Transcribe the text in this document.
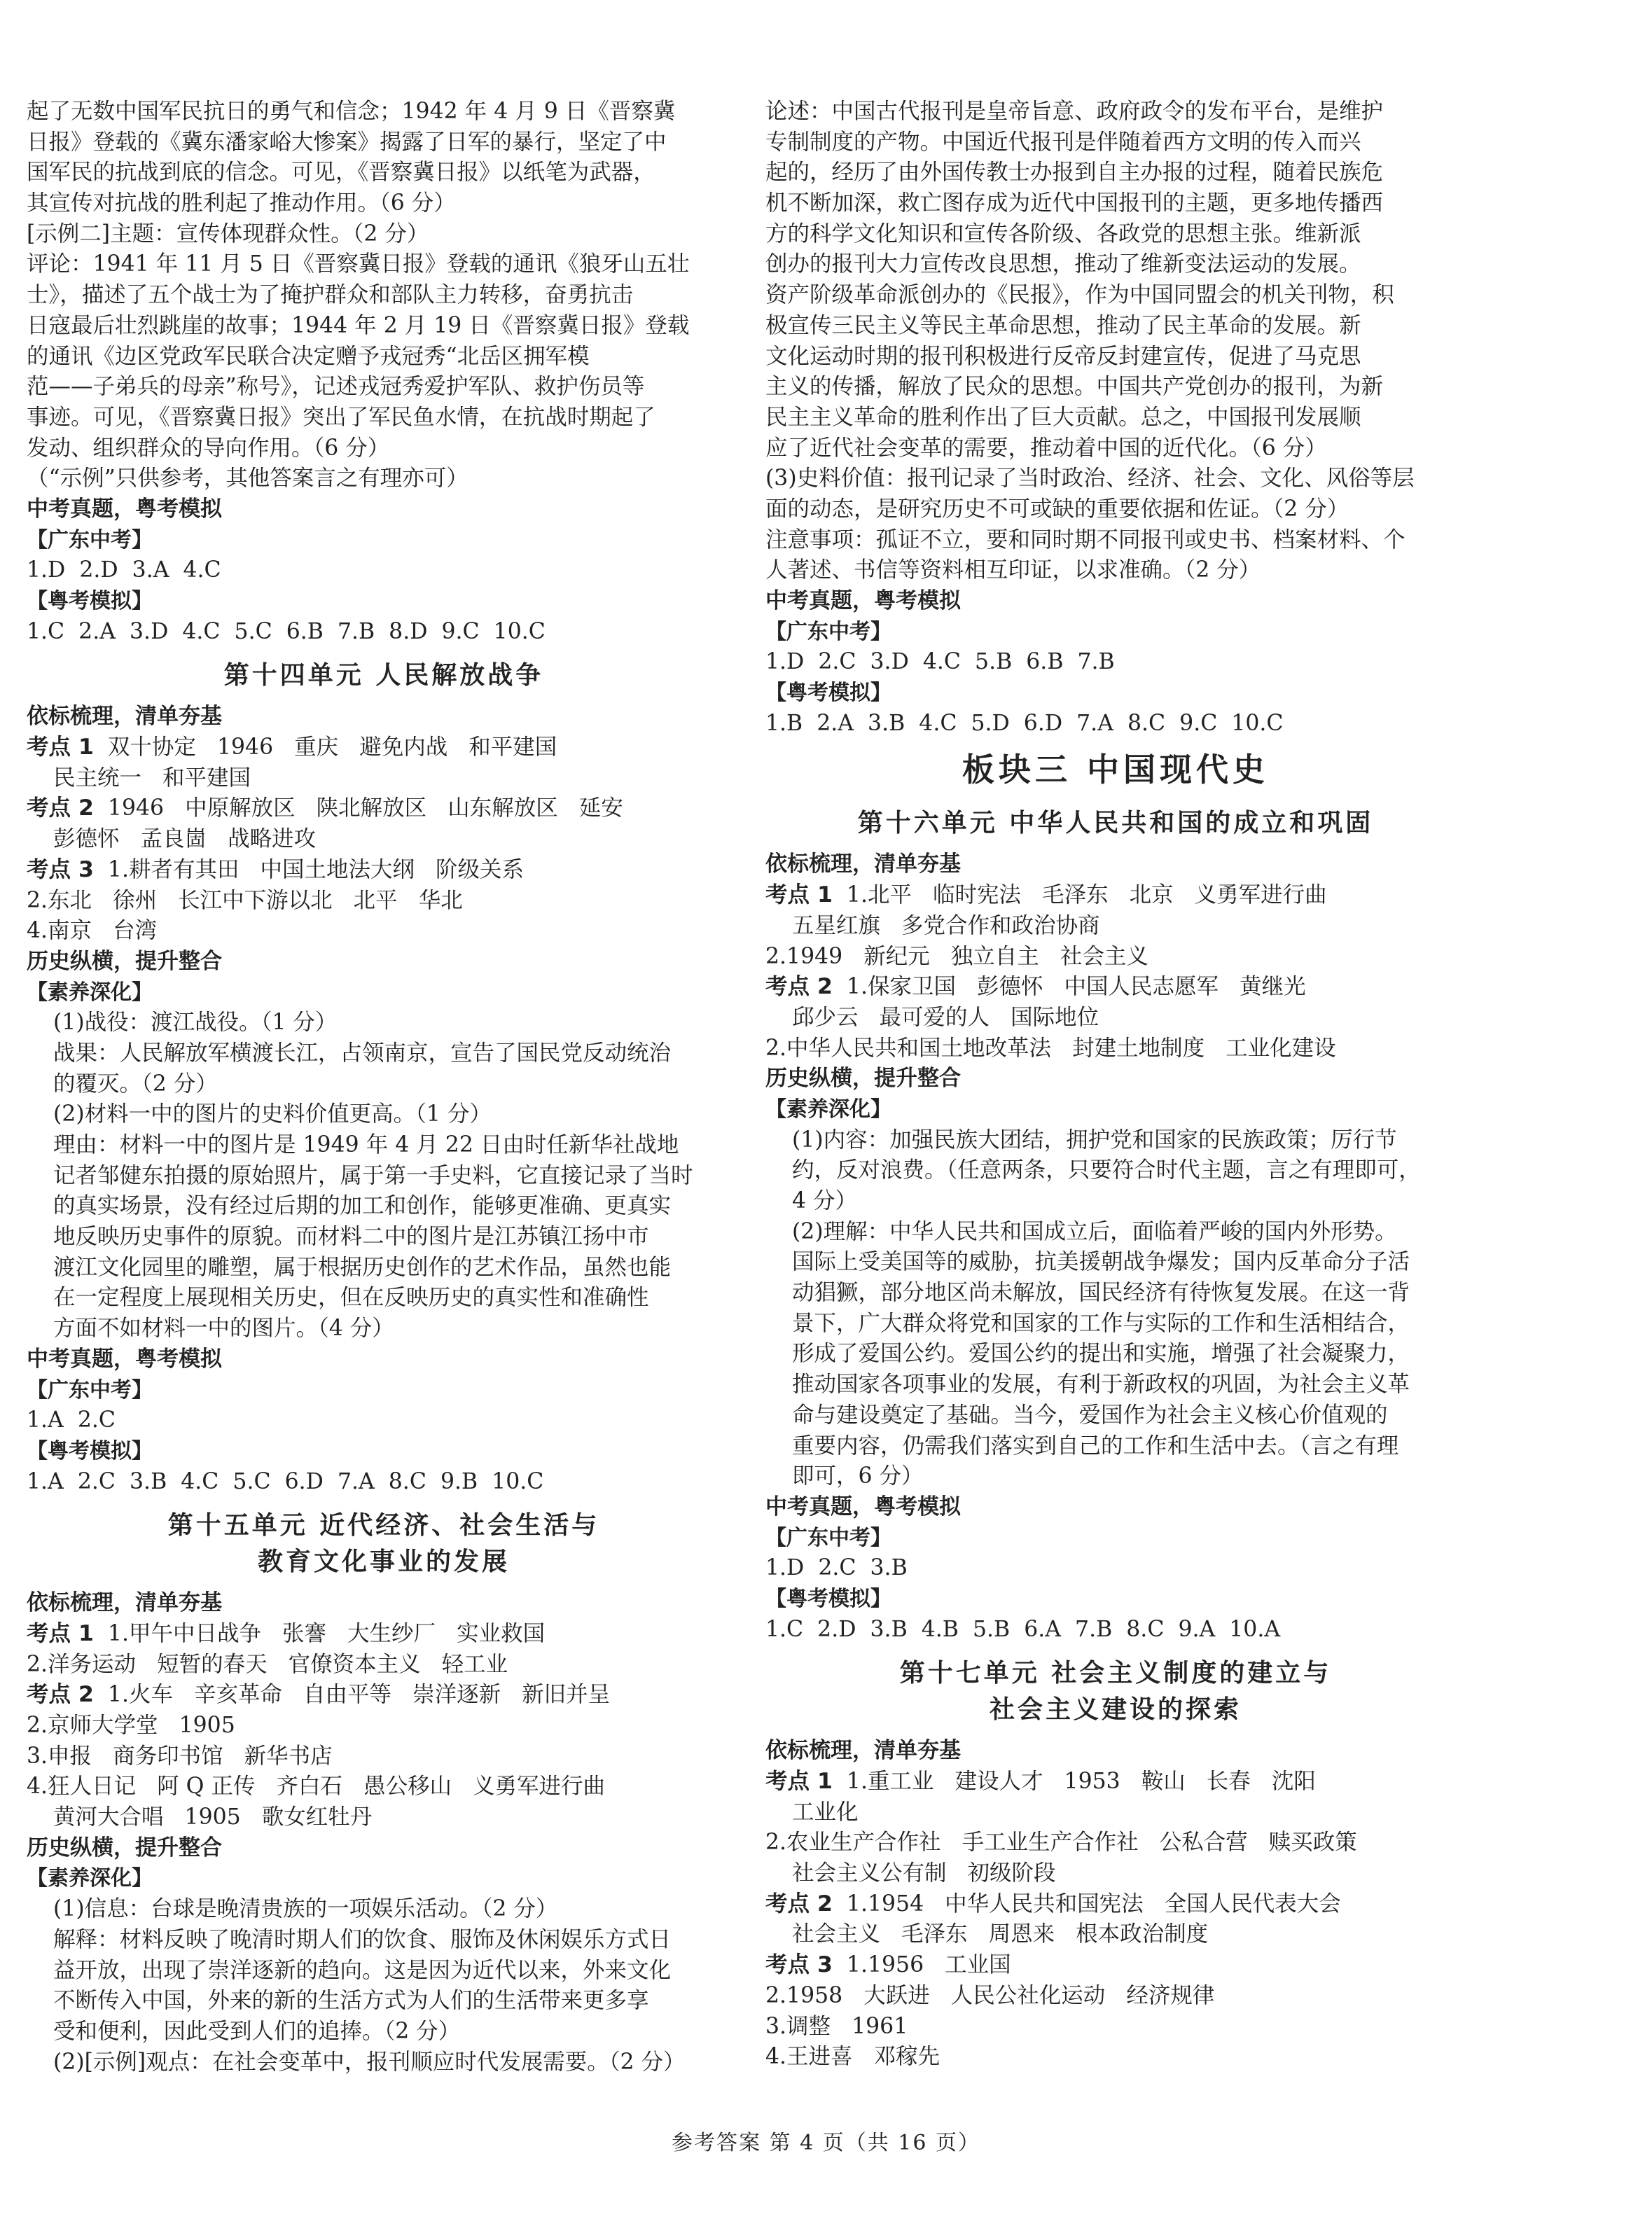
起了无数中国军民抗日的勇气和信念；1942 年 4 月 9 日《晋察冀
日报》登载的《冀东潘家峪大惨案》揭露了日军的暴行，坚定了中
国军民的抗战到底的信念。可见，《晋察冀日报》以纸笔为武器，
其宣传对抗战的胜利起了推动作用。（6 分）
[示例二]主题：宣传体现群众性。（2 分）
评论：1941 年 11 月 5 日《晋察冀日报》登载的通讯《狼牙山五壮
士》，描述了五个战士为了掩护群众和部队主力转移，奋勇抗击
日寇最后壮烈跳崖的故事；1944 年 2 月 19 日《晋察冀日报》登载
的通讯《边区党政军民联合决定赠予戎冠秀“北岳区拥军模
范——子弟兵的母亲”称号》，记述戎冠秀爱护军队、救护伤员等
事迹。可见，《晋察冀日报》突出了军民鱼水情，在抗战时期起了
发动、组织群众的导向作用。（6 分）
（“示例”只供参考，其他答案言之有理亦可）
中考真题，粤考模拟
【广东中考】
1.D  2.D  3.A  4.C
【粤考模拟】
1.C  2.A  3.D  4.C  5.C  6.B  7.B  8.D  9.C  10.C
第十四单元 人民解放战争
依标梳理，清单夯基
考点 1  双十协定   1946   重庆   避免内战   和平建国
民主统一   和平建国
考点 2  1946   中原解放区   陕北解放区   山东解放区   延安
彭德怀   孟良崮   战略进攻
考点 3  1.耕者有其田   中国土地法大纲   阶级关系
2.东北   徐州   长江中下游以北   北平   华北
4.南京   台湾
历史纵横，提升整合
【素养深化】
(1)战役：渡江战役。（1 分）
战果：人民解放军横渡长江，占领南京，宣告了国民党反动统治
的覆灭。（2 分）
(2)材料一中的图片的史料价值更高。（1 分）
理由：材料一中的图片是 1949 年 4 月 22 日由时任新华社战地
记者邹健东拍摄的原始照片，属于第一手史料，它直接记录了当时
的真实场景，没有经过后期的加工和创作，能够更准确、更真实
地反映历史事件的原貌。而材料二中的图片是江苏镇江扬中市
渡江文化园里的雕塑，属于根据历史创作的艺术作品，虽然也能
在一定程度上展现相关历史，但在反映历史的真实性和准确性
方面不如材料一中的图片。（4 分）
中考真题，粤考模拟
【广东中考】
1.A  2.C
【粤考模拟】
1.A  2.C  3.B  4.C  5.C  6.D  7.A  8.C  9.B  10.C
第十五单元 近代经济、社会生活与
教育文化事业的发展
依标梳理，清单夯基
考点 1  1.甲午中日战争   张謇   大生纱厂   实业救国
2.洋务运动   短暂的春天   官僚资本主义   轻工业
考点 2  1.火车   辛亥革命   自由平等   崇洋逐新   新旧并呈
2.京师大学堂   1905
3.申报   商务印书馆   新华书店
4.狂人日记   阿 Q 正传   齐白石   愚公移山   义勇军进行曲
黄河大合唱   1905   歌女红牡丹
历史纵横，提升整合
【素养深化】
(1)信息：台球是晚清贵族的一项娱乐活动。（2 分）
解释：材料反映了晚清时期人们的饮食、服饰及休闲娱乐方式日
益开放，出现了崇洋逐新的趋向。这是因为近代以来，外来文化
不断传入中国，外来的新的生活方式为人们的生活带来更多享
受和便利，因此受到人们的追捧。（2 分）
(2)[示例]观点：在社会变革中，报刊顺应时代发展需要。（2 分）
论述：中国古代报刊是皇帝旨意、政府政令的发布平台，是维护
专制制度的产物。中国近代报刊是伴随着西方文明的传入而兴
起的，经历了由外国传教士办报到自主办报的过程，随着民族危
机不断加深，救亡图存成为近代中国报刊的主题，更多地传播西
方的科学文化知识和宣传各阶级、各政党的思想主张。维新派
创办的报刊大力宣传改良思想，推动了维新变法运动的发展。
资产阶级革命派创办的《民报》，作为中国同盟会的机关刊物，积
极宣传三民主义等民主革命思想，推动了民主革命的发展。新
文化运动时期的报刊积极进行反帝反封建宣传，促进了马克思
主义的传播，解放了民众的思想。中国共产党创办的报刊，为新
民主主义革命的胜利作出了巨大贡献。总之，中国报刊发展顺
应了近代社会变革的需要，推动着中国的近代化。（6 分）
(3)史料价值：报刊记录了当时政治、经济、社会、文化、风俗等层
面的动态，是研究历史不可或缺的重要依据和佐证。（2 分）
注意事项：孤证不立，要和同时期不同报刊或史书、档案材料、个
人著述、书信等资料相互印证，以求准确。（2 分）
中考真题，粤考模拟
【广东中考】
1.D  2.C  3.D  4.C  5.B  6.B  7.B
【粤考模拟】
1.B  2.A  3.B  4.C  5.D  6.D  7.A  8.C  9.C  10.C
板块三 中国现代史
第十六单元 中华人民共和国的成立和巩固
依标梳理，清单夯基
考点 1  1.北平   临时宪法   毛泽东   北京   义勇军进行曲
五星红旗   多党合作和政治协商
2.1949   新纪元   独立自主   社会主义
考点 2  1.保家卫国   彭德怀   中国人民志愿军   黄继光
邱少云   最可爱的人   国际地位
2.中华人民共和国土地改革法   封建土地制度   工业化建设
历史纵横，提升整合
【素养深化】
(1)内容：加强民族大团结，拥护党和国家的民族政策；厉行节
约，反对浪费。（任意两条，只要符合时代主题，言之有理即可，
4 分）
(2)理解：中华人民共和国成立后，面临着严峻的国内外形势。
国际上受美国等的威胁，抗美援朝战争爆发；国内反革命分子活
动猖獗，部分地区尚未解放，国民经济有待恢复发展。在这一背
景下，广大群众将党和国家的工作与实际的工作和生活相结合，
形成了爱国公约。爱国公约的提出和实施，增强了社会凝聚力，
推动国家各项事业的发展，有利于新政权的巩固，为社会主义革
命与建设奠定了基础。当今，爱国作为社会主义核心价值观的
重要内容，仍需我们落实到自己的工作和生活中去。（言之有理
即可，6 分）
中考真题，粤考模拟
【广东中考】
1.D  2.C  3.B
【粤考模拟】
1.C  2.D  3.B  4.B  5.B  6.A  7.B  8.C  9.A  10.A
第十七单元 社会主义制度的建立与
社会主义建设的探索
依标梳理，清单夯基
考点 1  1.重工业   建设人才   1953   鞍山   长春   沈阳
工业化
2.农业生产合作社   手工业生产合作社   公私合营   赎买政策
社会主义公有制   初级阶段
考点 2  1.1954   中华人民共和国宪法   全国人民代表大会
社会主义   毛泽东   周恩来   根本政治制度
考点 3  1.1956   工业国
2.1958   大跃进   人民公社化运动   经济规律
3.调整   1961
4.王进喜   邓稼先
参考答案 第 4 页（共 16 页）
